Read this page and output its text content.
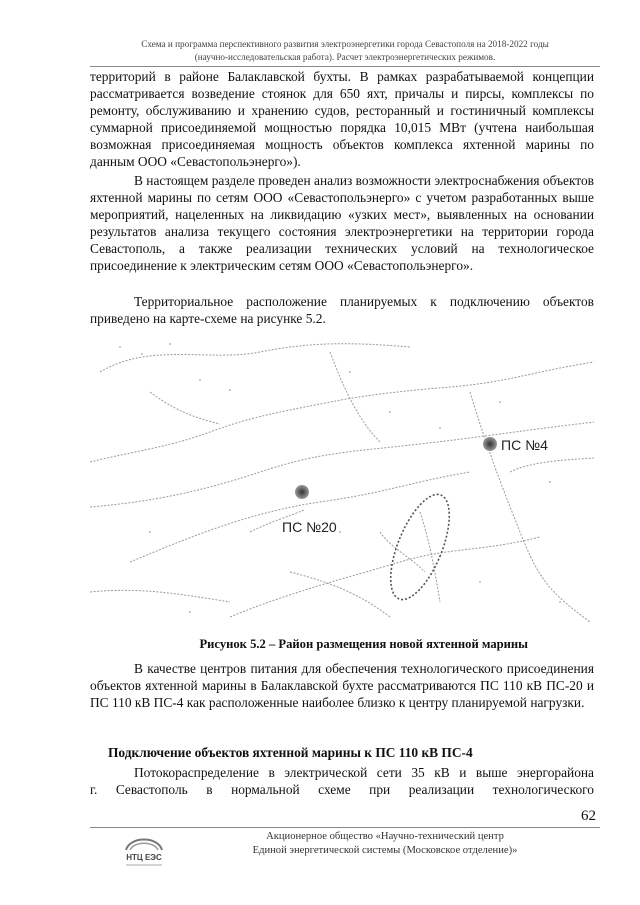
Схема и программа перспективного развития электроэнергетики города Севастополя на 2018-2022 годы
(научно-исследовательская работа). Расчет электроэнергетических режимов.

территорий в районе Балаклавской бухты. В рамках разрабатываемой концепции рассматривается возведение стоянок для 650 яхт, причалы и пирсы, комплексы по ремонту, обслуживанию и хранению судов, ресторанный и гостиничный комплексы суммарной присоединяемой мощностью порядка 10,015 МВт (учтена наибольшая возможная присоединяемая мощность объектов комплекса яхтенной марины по данным ООО «Севастопольэнерго»).

В настоящем разделе проведен анализ возможности электроснабжения объектов яхтенной марины по сетям ООО «Севастопольэнерго» с учетом разработанных выше мероприятий, нацеленных на ликвидацию «узких мест», выявленных на основании результатов анализа текущего состояния электроэнергетики на территории города Севастополь, а также реализации технических условий на технологическое присоединение к электрическим сетям ООО «Севастопольэнерго».

Территориальное расположение планируемых к подключению объектов приведено на карте-схеме на рисунке 5.2.

ПС №4
ПС №20
Рисунок 5.2 – Район размещения новой яхтенной марины

В качестве центров питания для обеспечения технологического присоединения объектов яхтенной марины в Балаклавской бухте рассматриваются ПС 110 кВ ПС-20 и ПС 110 кВ ПС-4 как расположенные наиболее близко к центру планируемой нагрузки.

Подключение объектов яхтенной марины к ПС 110 кВ ПС-4

Потокораспределение в электрической сети 35 кВ и выше энергорайона

г. Севастополь в нормальной схеме при реализации технологического

62
НТЦ ЕЭС
Акционерное общество «Научно-технический центр
Единой энергетической системы (Московское отделение)»
